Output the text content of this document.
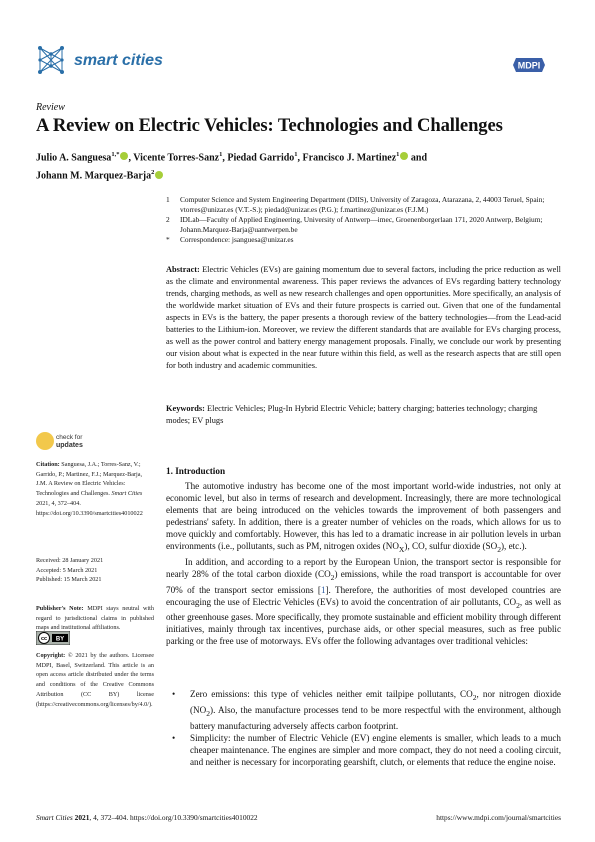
smart cities	MDPI
Review
A Review on Electric Vehicles: Technologies and Challenges
Julio A. Sanguesa$^{1,*}$ , Vicente Torres-Sanz$^1$, Piedad Garrido$^1$, Francisco J. Martinez$^1$ and
Johann M. Marquez-Barja$^2$
1	Computer Science and System Engineering Department (DIIS), University of Zaragoza, Atarazana, 2, 44003 Teruel, Spain; vtorres@unizar.es (V.T.-S.); piedad@unizar.es (P.G.); f.martinez@unizar.es (F.J.M.)
2	IDLab—Faculty of Applied Engineering, University of Antwerp—imec, Groenenborgerlaan 171, 2020 Antwerp, Belgium; Johann.Marquez-Barja@uantwerpen.be
*	Correspondence: jsanguesa@unizar.es
Abstract: Electric Vehicles (EVs) are gaining momentum due to several factors, including the price reduction as well as the climate and environmental awareness. This paper reviews the advances of EVs regarding battery technology trends, charging methods, as well as new research challenges and open opportunities. More specifically, an analysis of the worldwide market situation of EVs and their future prospects is carried out. Given that one of the fundamental aspects in EVs is the battery, the paper presents a thorough review of the battery technologies—from the Lead-acid batteries to the Lithium-ion. Moreover, we review the different standards that are available for EVs charging process, as well as the power control and battery energy management proposals. Finally, we conclude our work by presenting our vision about what is expected in the near future within this field, as well as the research aspects that are still open for both industry and academic communities.
Keywords: Electric Vehicles; Plug-In Hybrid Electric Vehicle; battery charging; batteries technology; charging modes; EV plugs
check for
updates
Citation: Sanguesa, J.A.; Torres-Sanz, V.; Garrido, P.; Martinez, F.J.; Marquez-Barja, J.M. A Review on Electric Vehicles: Technologies and Challenges. Smart Cities 2021, 4, 372–404. https://doi.org/10.3390/smartcities4010022
Received: 28 January 2021
Accepted: 5 March 2021
Published: 15 March 2021
Publisher's Note: MDPI stays neutral with regard to jurisdictional claims in published maps and institutional affiliations.
cc BY
Copyright: © 2021 by the authors. Licensee MDPI, Basel, Switzerland. This article is an open access article distributed under the terms and conditions of the Creative Commons Attribution (CC BY) license (https://creativecommons.org/licenses/by/4.0/).
1. Introduction

The automotive industry has become one of the most important world-wide industries, not only at economic level, but also in terms of research and development. Increasingly, there are more technological elements that are being introduced on the vehicles towards the improvement of both passengers and pedestrians' safety. In addition, there is a greater number of vehicles on the roads, which allows for us to move quickly and comfortably. However, this has led to a dramatic increase in air pollution levels in urban environments (i.e., pollutants, such as PM, nitrogen oxides $(NO_X)$, CO, sulfur dioxide $(SO_2)$, etc.).

In addition, and according to a report by the European Union, the transport sector is responsible for nearly 28% of the total carbon dioxide $(CO_2)$ emissions, while the road transport is accountable for over 70% of the transport sector emissions [1]. Therefore, the authorities of most developed countries are encouraging the use of Electric Vehicles (EVs) to avoid the concentration of air pollutants, $CO_2$, as well as other greenhouse gases. More specifically, they promote sustainable and efficient mobility through different initiatives, mainly through tax incentives, purchase aids, or other special measures, such as free public parking or the free use of motorways. EVs offer the following advantages over traditional vehicles:

•	Zero emissions: this type of vehicles neither emit tailpipe pollutants, $CO_2$, nor nitrogen dioxide $(NO_2)$. Also, the manufacture processes tend to be more respectful with the environment, although battery manufacturing adversely affects carbon footprint.
•	Simplicity: the number of Electric Vehicle (EV) engine elements is smaller, which leads to a much cheaper maintenance. The engines are simpler and more compact, they do not need a cooling circuit, and neither is necessary for incorporating gearshift, clutch, or elements that reduce the engine noise.
Smart Cities 2021, 4, 372–404. https://doi.org/10.3390/smartcities4010022	https://www.mdpi.com/journal/smartcities
